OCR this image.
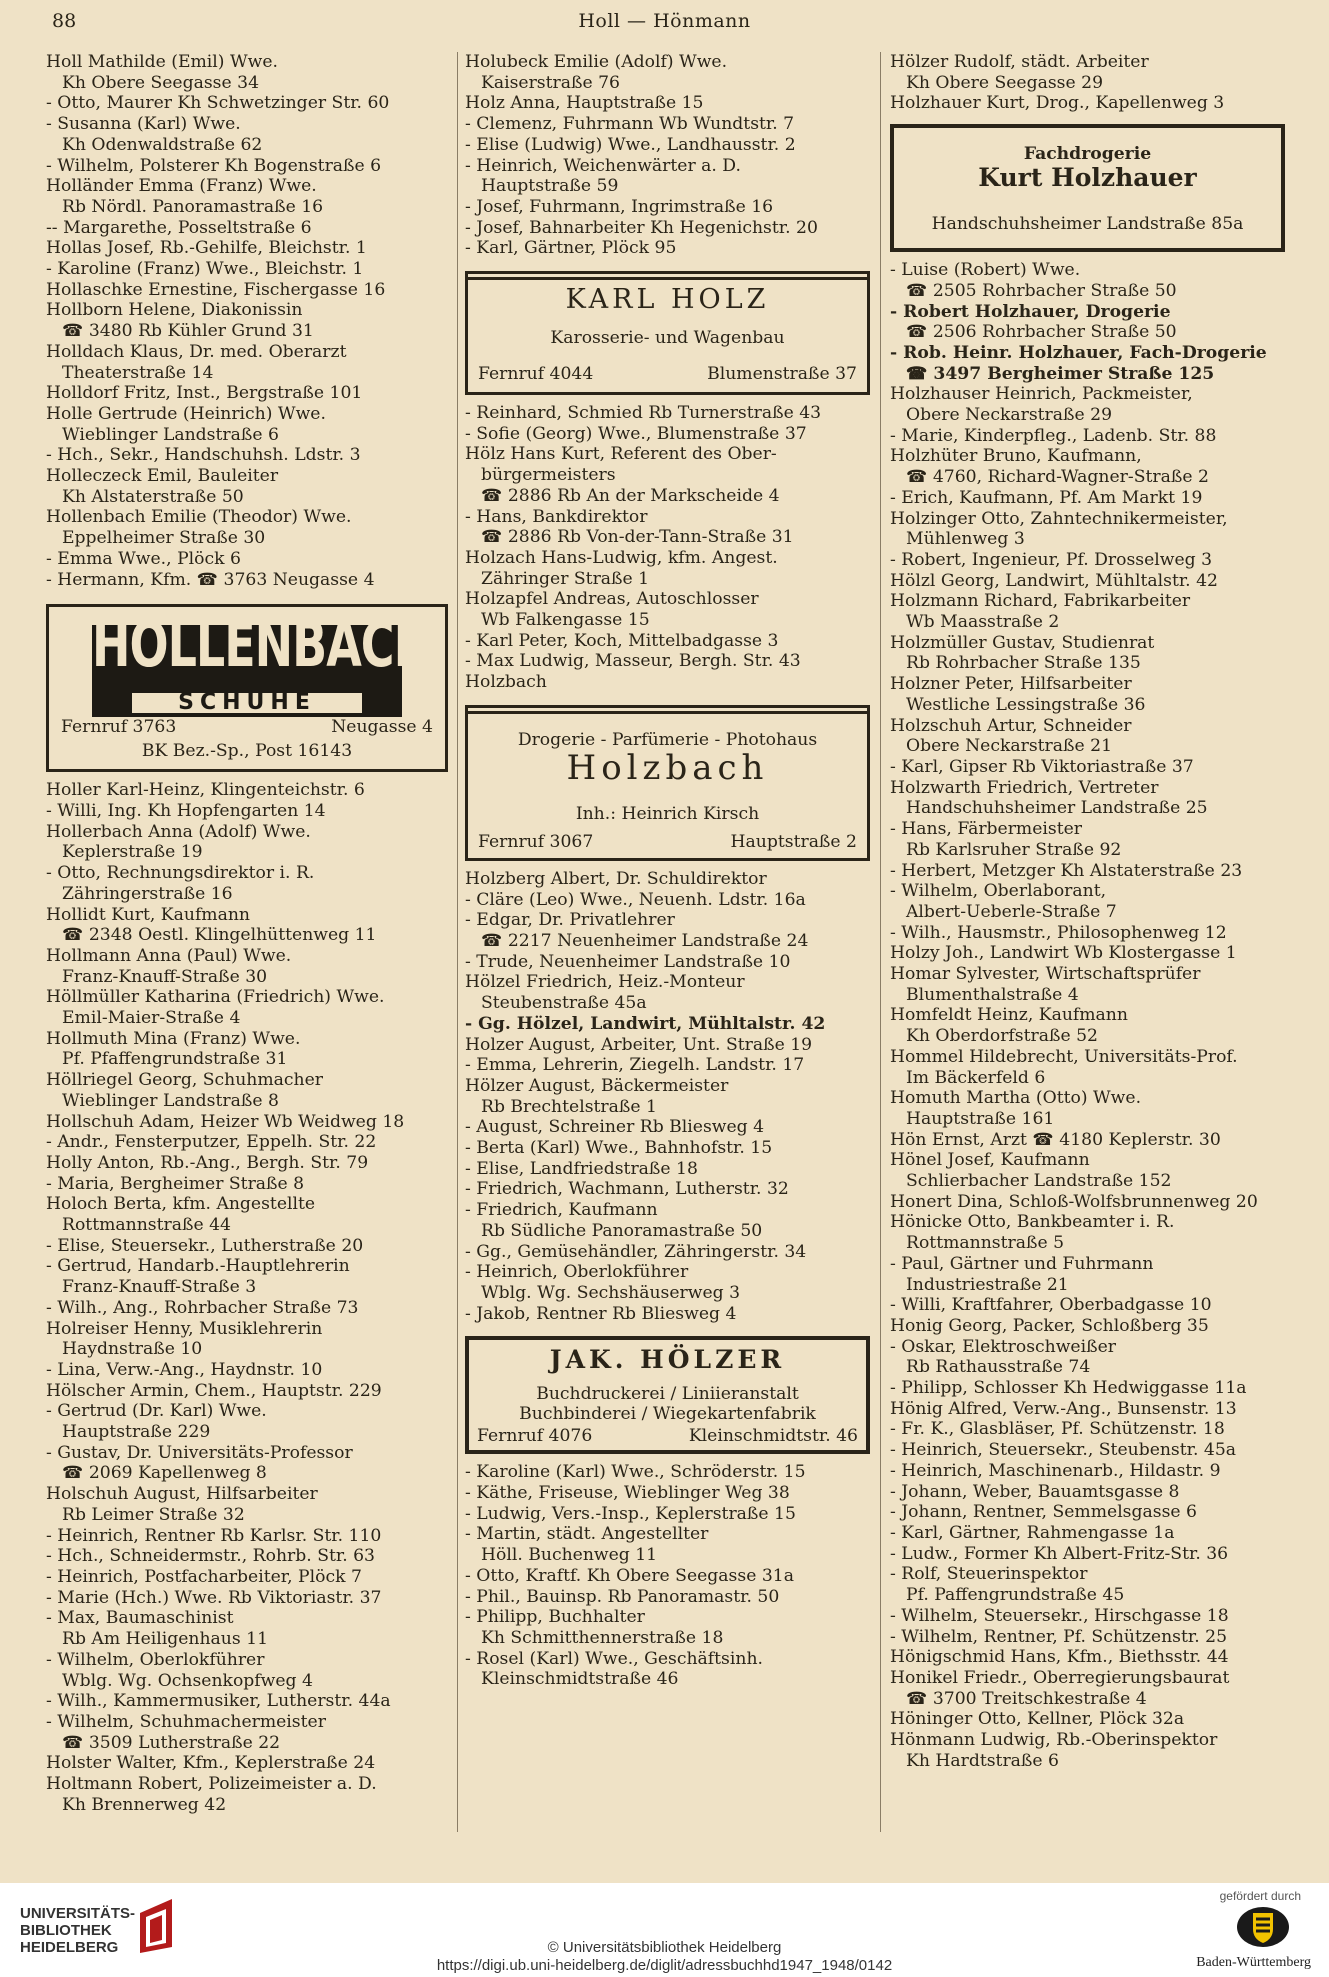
88	Holl — Hönmann
Holl Mathilde (Emil) Wwe.
Kh Obere Seegasse 34
- Otto, Maurer Kh Schwetzinger Str. 60
- Susanna (Karl) Wwe.
Kh Odenwaldstraße 62
- Wilhelm, Polsterer Kh Bogenstraße 6
Holländer Emma (Franz) Wwe.
Rb Nördl. Panoramastraße 16
-- Margarethe, Posseltstraße 6
Hollas Josef, Rb.-Gehilfe, Bleichstr. 1
- Karoline (Franz) Wwe., Bleichstr. 1
Hollaschke Ernestine, Fischergasse 16
Hollborn Helene, Diakonissin
☎ 3480 Rb Kühler Grund 31
Holldach Klaus, Dr. med. Oberarzt
Theaterstraße 14
Holldorf Fritz, Inst., Bergstraße 101
Holle Gertrude (Heinrich) Wwe.
Wieblinger Landstraße 6
- Hch., Sekr., Handschuhsh. Ldstr. 3
Holleczeck Emil, Bauleiter
Kh Alstaterstraße 50
Hollenbach Emilie (Theodor) Wwe.
Eppelheimer Straße 30
- Emma Wwe., Plöck 6
- Hermann, Kfm. ☎ 3763 Neugasse 4
HOLLENBACH
SCHUHE
Fernruf 3763	Neugasse 4
BK Bez.-Sp., Post 16143
Holler Karl-Heinz, Klingenteichstr. 6
- Willi, Ing. Kh Hopfengarten 14
Hollerbach Anna (Adolf) Wwe.
Keplerstraße 19
- Otto, Rechnungsdirektor i. R.
Zähringerstraße 16
Hollidt Kurt, Kaufmann
☎ 2348 Oestl. Klingelhüttenweg 11
Hollmann Anna (Paul) Wwe.
Franz-Knauff-Straße 30
Höllmüller Katharina (Friedrich) Wwe.
Emil-Maier-Straße 4
Hollmuth Mina (Franz) Wwe.
Pf. Pfaffengrundstraße 31
Höllriegel Georg, Schuhmacher
Wieblinger Landstraße 8
Hollschuh Adam, Heizer Wb Weidweg 18
- Andr., Fensterputzer, Eppelh. Str. 22
Holly Anton, Rb.-Ang., Bergh. Str. 79
- Maria, Bergheimer Straße 8
Holoch Berta, kfm. Angestellte
Rottmannstraße 44
- Elise, Steuersekr., Lutherstraße 20
- Gertrud, Handarb.-Hauptlehrerin
Franz-Knauff-Straße 3
- Wilh., Ang., Rohrbacher Straße 73
Holreiser Henny, Musiklehrerin
Haydnstraße 10
- Lina, Verw.-Ang., Haydnstr. 10
Hölscher Armin, Chem., Hauptstr. 229
- Gertrud (Dr. Karl) Wwe.
Hauptstraße 229
- Gustav, Dr. Universitäts-Professor
☎ 2069 Kapellenweg 8
Holschuh August, Hilfsarbeiter
Rb Leimer Straße 32
- Heinrich, Rentner Rb Karlsr. Str. 110
- Hch., Schneidermstr., Rohrb. Str. 63
- Heinrich, Postfacharbeiter, Plöck 7
- Marie (Hch.) Wwe. Rb Viktoriastr. 37
- Max, Baumaschinist
Rb Am Heiligenhaus 11
- Wilhelm, Oberlokführer
Wblg. Wg. Ochsenkopfweg 4
- Wilh., Kammermusiker, Lutherstr. 44a
- Wilhelm, Schuhmachermeister
☎ 3509 Lutherstraße 22
Holster Walter, Kfm., Keplerstraße 24
Holtmann Robert, Polizeimeister a. D.
Kh Brennerweg 42
Holubeck Emilie (Adolf) Wwe.
Kaiserstraße 76
Holz Anna, Hauptstraße 15
- Clemenz, Fuhrmann Wb Wundtstr. 7
- Elise (Ludwig) Wwe., Landhausstr. 2
- Heinrich, Weichenwärter a. D.
Hauptstraße 59
- Josef, Fuhrmann, Ingrimstraße 16
- Josef, Bahnarbeiter Kh Hegenichstr. 20
- Karl, Gärtner, Plöck 95
KARL HOLZ
Karosserie- und Wagenbau
Fernruf 4044	Blumenstraße 37
- Reinhard, Schmied Rb Turnerstraße 43
- Sofie (Georg) Wwe., Blumenstraße 37
Hölz Hans Kurt, Referent des Ober-
bürgermeisters
☎ 2886 Rb An der Markscheide 4
- Hans, Bankdirektor
☎ 2886 Rb Von-der-Tann-Straße 31
Holzach Hans-Ludwig, kfm. Angest.
Zähringer Straße 1
Holzapfel Andreas, Autoschlosser
Wb Falkengasse 15
- Karl Peter, Koch, Mittelbadgasse 3
- Max Ludwig, Masseur, Bergh. Str. 43
Holzbach
Drogerie - Parfümerie - Photohaus
Holzbach
Inh.: Heinrich Kirsch
Fernruf 3067	Hauptstraße 2
Holzberg Albert, Dr. Schuldirektor
- Cläre (Leo) Wwe., Neuenh. Ldstr. 16a
- Edgar, Dr. Privatlehrer
☎ 2217 Neuenheimer Landstraße 24
- Trude, Neuenheimer Landstraße 10
Hölzel Friedrich, Heiz.-Monteur
Steubenstraße 45a
- Gg. Hölzel, Landwirt, Mühltalstr. 42
Holzer August, Arbeiter, Unt. Straße 19
- Emma, Lehrerin, Ziegelh. Landstr. 17
Hölzer August, Bäckermeister
Rb Brechtelstraße 1
- August, Schreiner Rb Bliesweg 4
- Berta (Karl) Wwe., Bahnhofstr. 15
- Elise, Landfriedstraße 18
- Friedrich, Wachmann, Lutherstr. 32
- Friedrich, Kaufmann
Rb Südliche Panoramastraße 50
- Gg., Gemüsehändler, Zähringerstr. 34
- Heinrich, Oberlokführer
Wblg. Wg. Sechshäuserweg 3
- Jakob, Rentner Rb Bliesweg 4
JAK. HÖLZER
Buchdruckerei / Liniieranstalt
Buchbinderei / Wiegekartenfabrik
Fernruf 4076	Kleinschmidtstr. 46
- Karoline (Karl) Wwe., Schröderstr. 15
- Käthe, Friseuse, Wieblinger Weg 38
- Ludwig, Vers.-Insp., Keplerstraße 15
- Martin, städt. Angestellter
Höll. Buchenweg 11
- Otto, Kraftf. Kh Obere Seegasse 31a
- Phil., Bauinsp. Rb Panoramastr. 50
- Philipp, Buchhalter
Kh Schmitthennerstraße 18
- Rosel (Karl) Wwe., Geschäftsinh.
Kleinschmidtstraße 46
Hölzer Rudolf, städt. Arbeiter
Kh Obere Seegasse 29
Holzhauer Kurt, Drog., Kapellenweg 3
Fachdrogerie
Kurt Holzhauer
Handschuhsheimer Landstraße 85a
- Luise (Robert) Wwe.
☎ 2505 Rohrbacher Straße 50
- Robert Holzhauer, Drogerie
☎ 2506 Rohrbacher Straße 50
- Rob. Heinr. Holzhauer, Fach-Drogerie
☎ 3497 Bergheimer Straße 125
Holzhauser Heinrich, Packmeister,
Obere Neckarstraße 29
- Marie, Kinderpfleg., Ladenb. Str. 88
Holzhüter Bruno, Kaufmann,
☎ 4760, Richard-Wagner-Straße 2
- Erich, Kaufmann, Pf. Am Markt 19
Holzinger Otto, Zahntechnikermeister,
Mühlenweg 3
- Robert, Ingenieur, Pf. Drosselweg 3
Hölzl Georg, Landwirt, Mühltalstr. 42
Holzmann Richard, Fabrikarbeiter
Wb Maasstraße 2
Holzmüller Gustav, Studienrat
Rb Rohrbacher Straße 135
Holzner Peter, Hilfsarbeiter
Westliche Lessingstraße 36
Holzschuh Artur, Schneider
Obere Neckarstraße 21
- Karl, Gipser Rb Viktoriastraße 37
Holzwarth Friedrich, Vertreter
Handschuhsheimer Landstraße 25
- Hans, Färbermeister
Rb Karlsruher Straße 92
- Herbert, Metzger Kh Alstaterstraße 23
- Wilhelm, Oberlaborant,
Albert-Ueberle-Straße 7
- Wilh., Hausmstr., Philosophenweg 12
Holzy Joh., Landwirt Wb Klostergasse 1
Homar Sylvester, Wirtschaftsprüfer
Blumenthalstraße 4
Homfeldt Heinz, Kaufmann
Kh Oberdorfstraße 52
Hommel Hildebrecht, Universitäts-Prof.
Im Bäckerfeld 6
Homuth Martha (Otto) Wwe.
Hauptstraße 161
Hön Ernst, Arzt ☎ 4180 Keplerstr. 30
Hönel Josef, Kaufmann
Schlierbacher Landstraße 152
Honert Dina, Schloß-Wolfsbrunnenweg 20
Hönicke Otto, Bankbeamter i. R.
Rottmannstraße 5
- Paul, Gärtner und Fuhrmann
Industriestraße 21
- Willi, Kraftfahrer, Oberbadgasse 10
Honig Georg, Packer, Schloßberg 35
- Oskar, Elektroschweißer
Rb Rathausstraße 74
- Philipp, Schlosser Kh Hedwiggasse 11a
Hönig Alfred, Verw.-Ang., Bunsenstr. 13
- Fr. K., Glasbläser, Pf. Schützenstr. 18
- Heinrich, Steuersekr., Steubenstr. 45a
- Heinrich, Maschinenarb., Hildastr. 9
- Johann, Weber, Bauamtsgasse 8
- Johann, Rentner, Semmelsgasse 6
- Karl, Gärtner, Rahmengasse 1a
- Ludw., Former Kh Albert-Fritz-Str. 36
- Rolf, Steuerinspektor
Pf. Paffengrundstraße 45
- Wilhelm, Steuersekr., Hirschgasse 18
- Wilhelm, Rentner, Pf. Schützenstr. 25
Hönigschmid Hans, Kfm., Biethsstr. 44
Honikel Friedr., Oberregierungsbaurat
☎ 3700 Treitschkestraße 4
Höninger Otto, Kellner, Plöck 32a
Hönmann Ludwig, Rb.-Oberinspektor
Kh Hardtstraße 6
UNIVERSITÄTS-
BIBLIOTHEK
HEIDELBERG	© Universitätsbibliothek Heidelberg
https://digi.ub.uni-heidelberg.de/diglit/adressbuchhd1947_1948/0142
gefördert durch
Baden-Württemberg
